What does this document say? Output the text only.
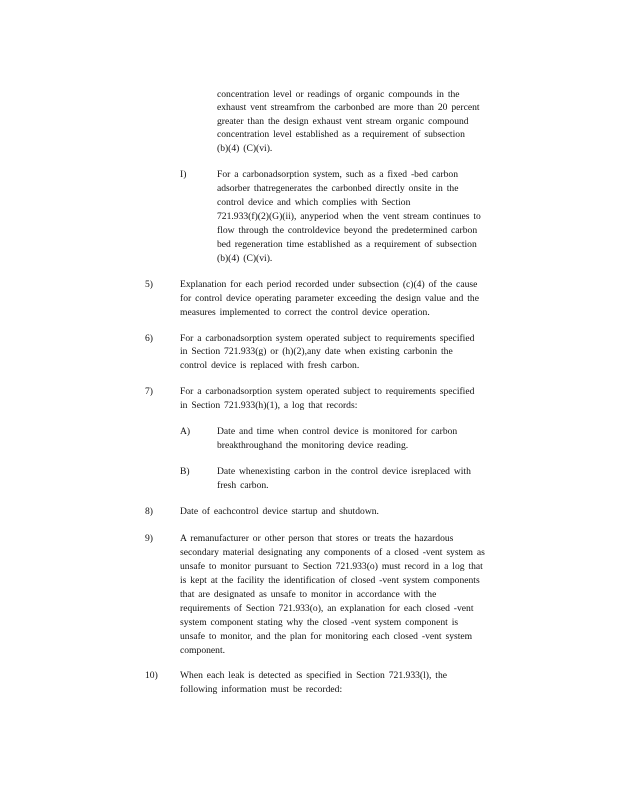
concentration level or readings of organic compounds in the
exhaust vent streamfrom the carbonbed are more than 20 percent
greater than the design exhaust vent stream organic compound
concentration level established as a requirement of subsection
(b)(4) (C)(vi).
I)	For a carbonadsorption system, such as a fixed -bed carbon
adsorber thatregenerates the carbonbed directly onsite in the
control device and which complies with Section
721.933(f)(2)(G)(ii), anyperiod when the vent stream continues to
flow through the controldevice beyond the predetermined carbon
bed regeneration time established as a requirement of subsection
(b)(4) (C)(vi).
5)	Explanation for each period recorded under subsection (c)(4) of the cause
for control device operating parameter exceeding the design value and the
measures implemented to correct the control device operation.
6)	For a carbonadsorption system operated subject to requirements specified
in Section 721.933(g) or (h)(2),any date when existing carbonin the
control device is replaced with fresh carbon.
7)	For a carbonadsorption system operated subject to requirements specified
in Section 721.933(h)(1), a log that records:
A)	Date and time when control device is monitored for carbon
breakthroughand the monitoring device reading.
B)	Date whenexisting carbon in the control device isreplaced with
fresh carbon.
8)	Date of eachcontrol device startup and shutdown.
9)	A remanufacturer or other person that stores or treats the hazardous
secondary material designating any components of a closed -vent system as
unsafe to monitor pursuant to Section 721.933(o) must record in a log that
is kept at the facility the identification of closed -vent system components
that are designated as unsafe to monitor in accordance with the
requirements of Section 721.933(o), an explanation for each closed -vent
system component stating why the closed -vent system component is
unsafe to monitor, and the plan for monitoring each closed -vent system
component.
10) When each leak is detected as specified in Section 721.933(l), the
following information must be recorded:
